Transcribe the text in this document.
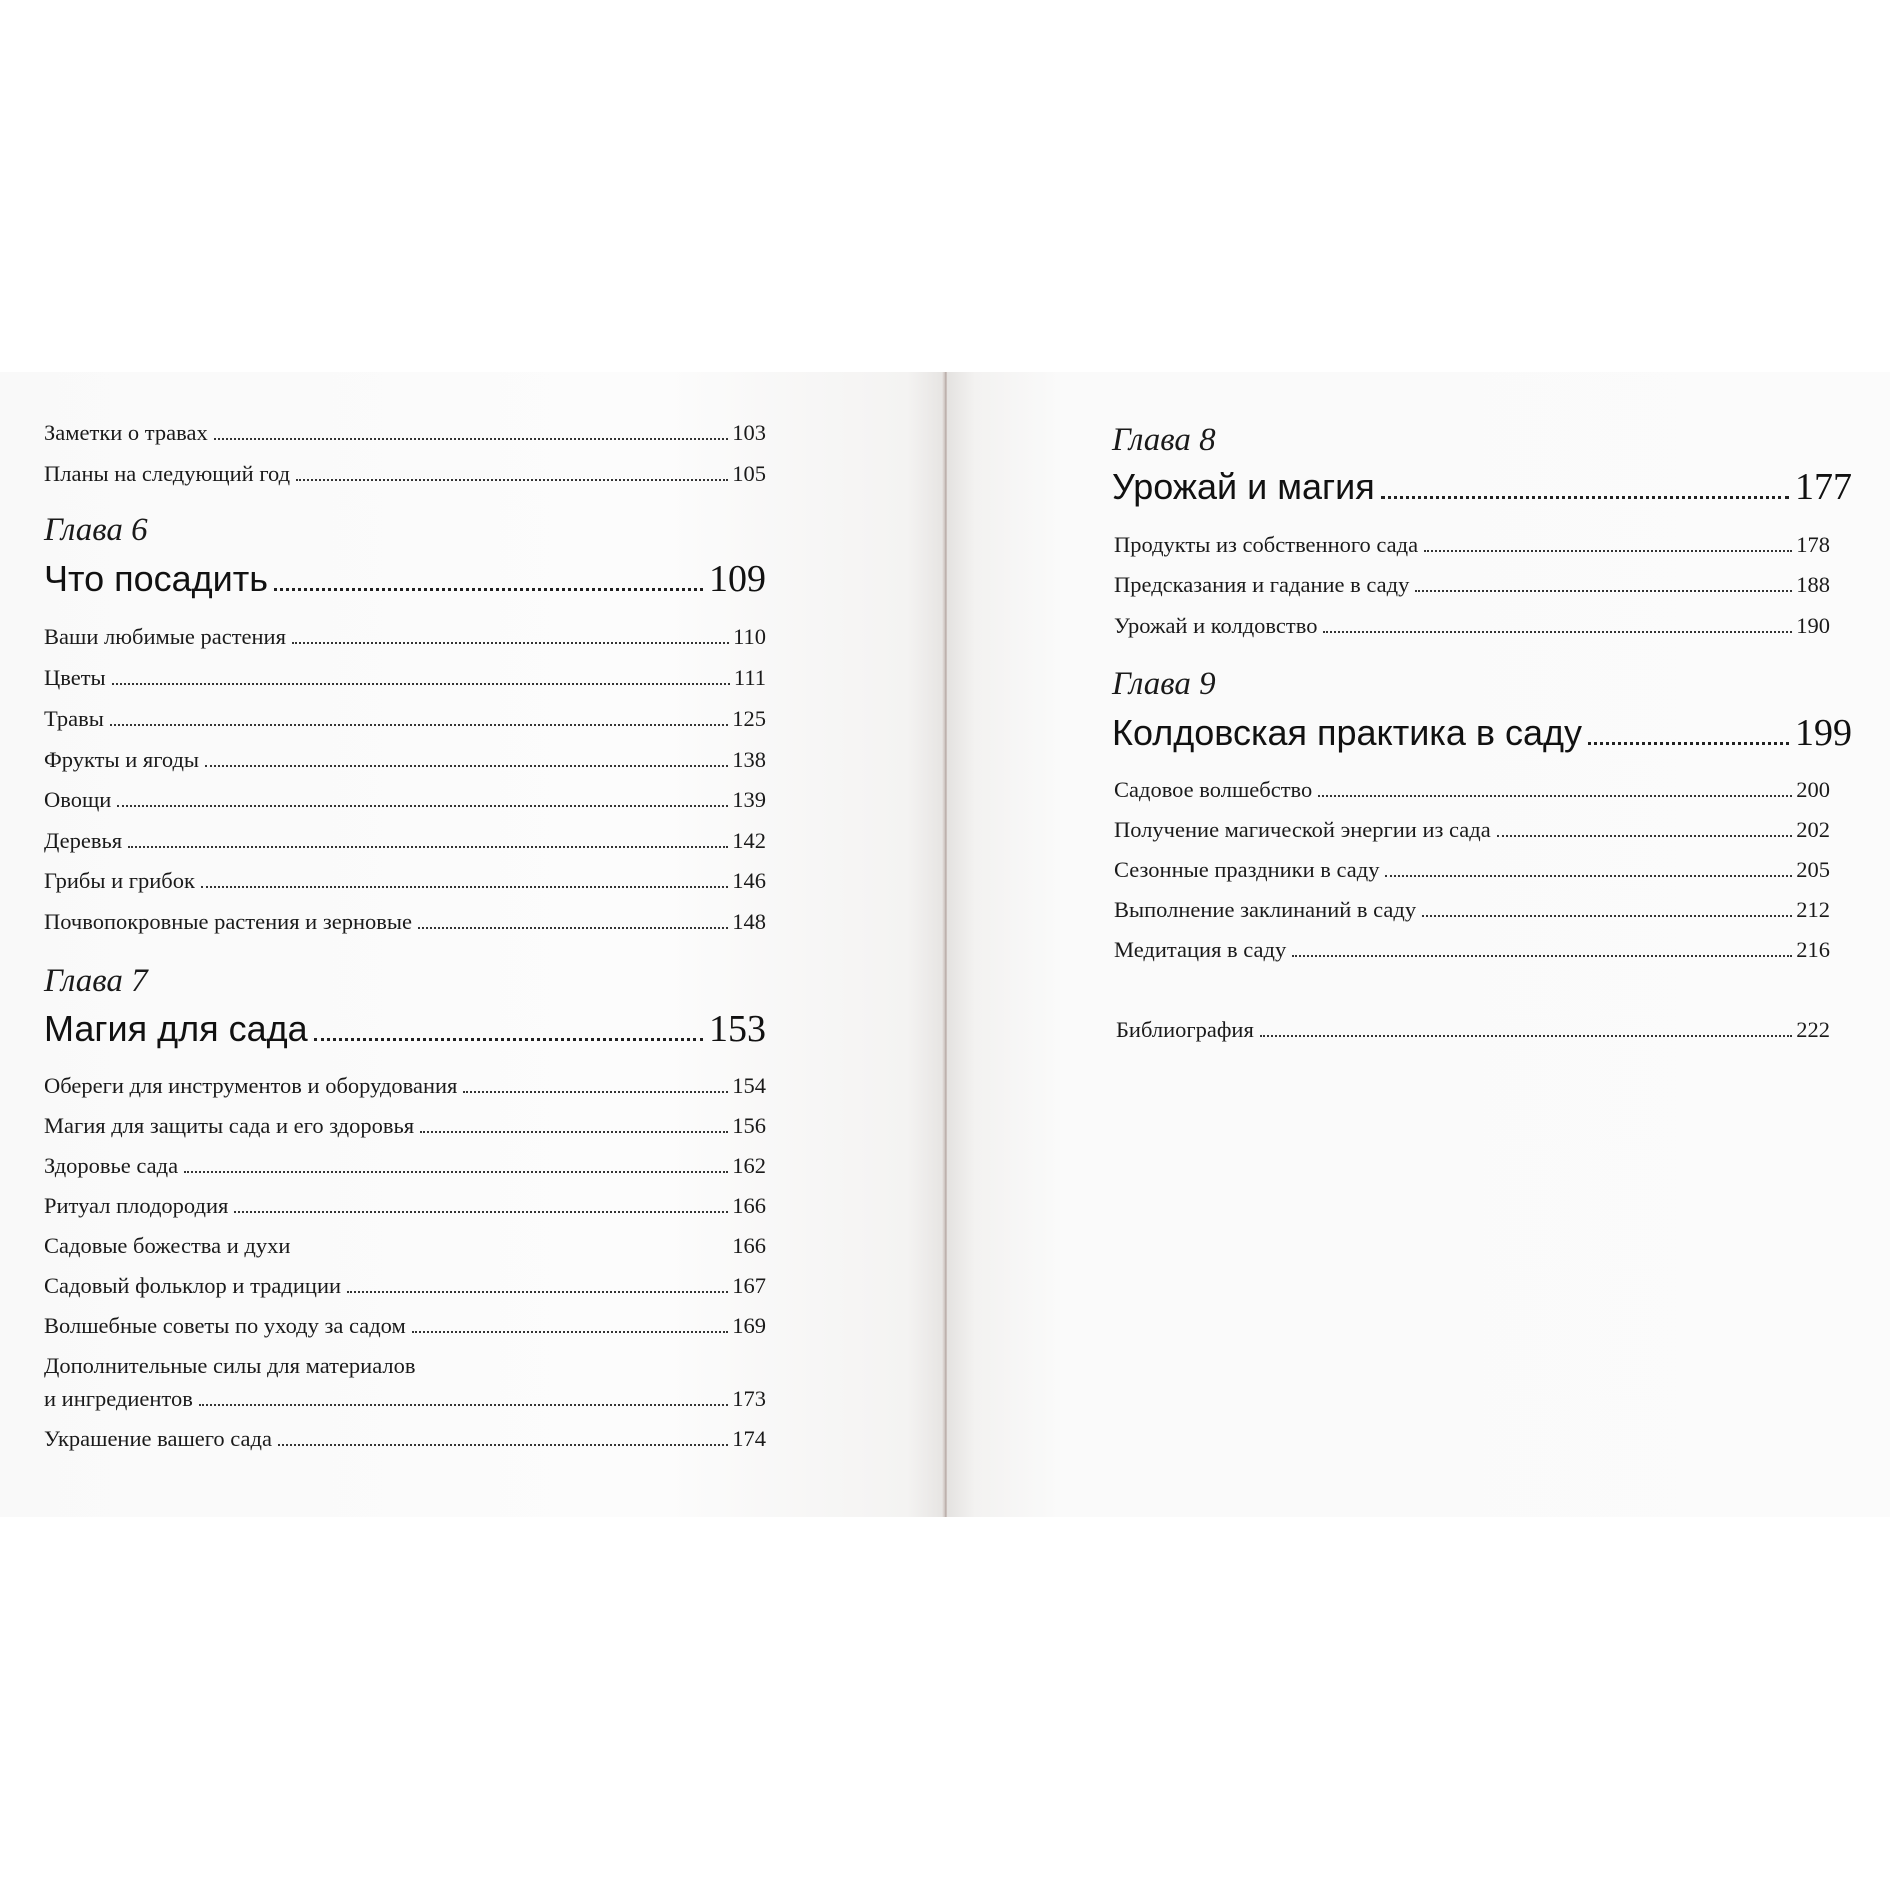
Заметки о травах	103
Планы на следующий год	105
Глава 6
Что посадить	109
Ваши любимые растения	110
Цветы	111
Травы	125
Фрукты и ягоды	138
Овощи	139
Деревья	142
Грибы и грибок	146
Почвопокровные растения и зерновые	148
Глава 7
Магия для сада	153
Обереги для инструментов и оборудования	154
Магия для защиты сада и его здоровья	156
Здоровье сада	162
Ритуал плодородия	166
Садовые божества и духи	166
Садовый фольклор и традиции	167
Волшебные советы по уходу за садом	169
Дополнительные силы для материалов
и ингредиентов	173
Украшение вашего сада	174
Глава 8
Урожай и магия	177
Продукты из собственного сада	178
Предсказания и гадание в саду	188
Урожай и колдовство	190
Глава 9
Колдовская практика в саду	199
Садовое волшебство	200
Получение магической энергии из сада	202
Сезонные праздники в саду	205
Выполнение заклинаний в саду	212
Медитация в саду	216
Библиография	222
